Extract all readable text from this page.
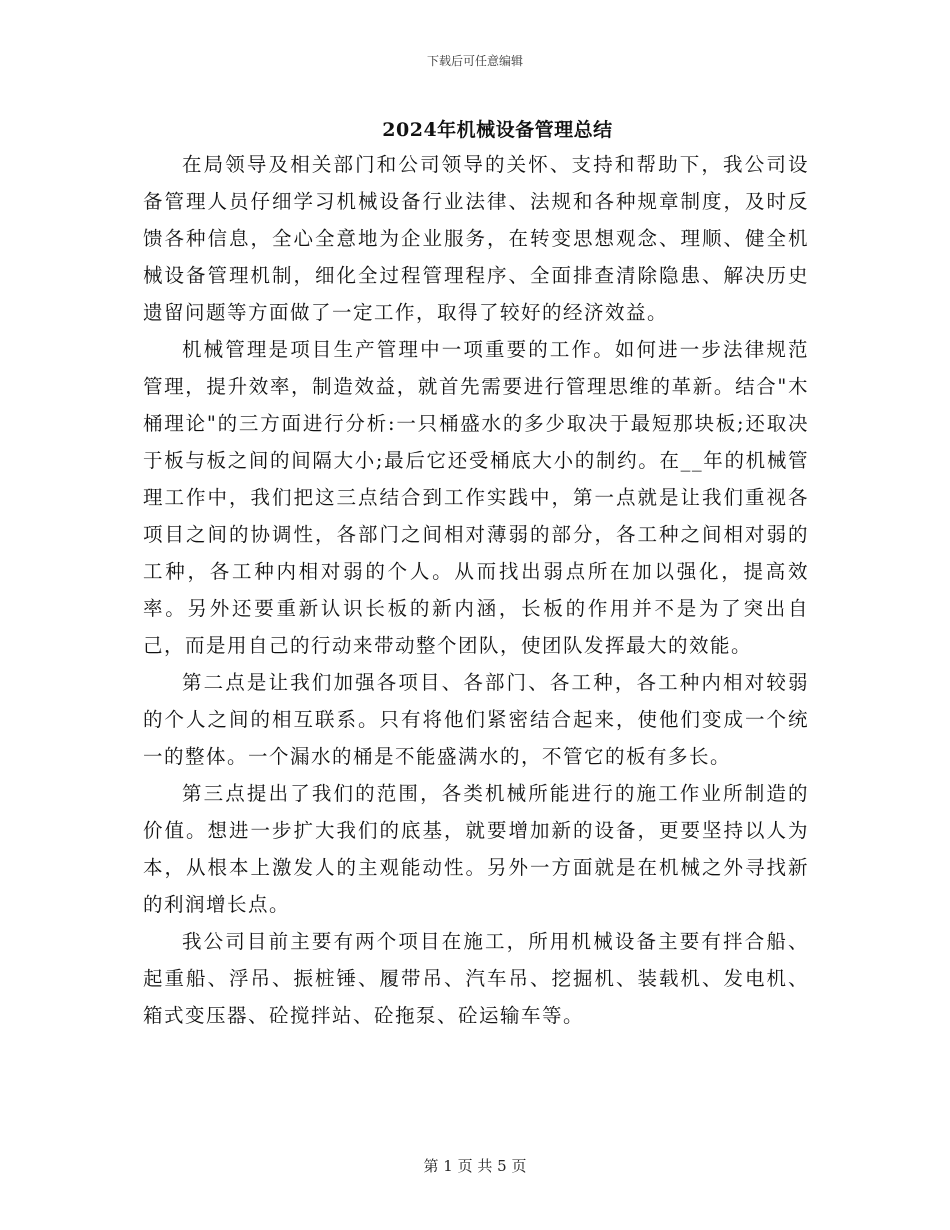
下载后可任意编辑
2024年机械设备管理总结

在局领导及相关部门和公司领导的关怀、支持和帮助下，我公司设备管理人员仔细学习机械设备行业法律、法规和各种规章制度，及时反馈各种信息，全心全意地为企业服务，在转变思想观念、理顺、健全机械设备管理机制，细化全过程管理程序、全面排查清除隐患、解决历史遗留问题等方面做了一定工作，取得了较好的经济效益。

机械管理是项目生产管理中一项重要的工作。如何进一步法律规范管理，提升效率，制造效益，就首先需要进行管理思维的革新。结合"木桶理论"的三方面进行分析:一只桶盛水的多少取决于最短那块板;还取决于板与板之间的间隔大小;最后它还受桶底大小的制约。在__年的机械管理工作中，我们把这三点结合到工作实践中，第一点就是让我们重视各项目之间的协调性，各部门之间相对薄弱的部分，各工种之间相对弱的工种，各工种内相对弱的个人。从而找出弱点所在加以强化，提高效率。另外还要重新认识长板的新内涵，长板的作用并不是为了突出自己，而是用自己的行动来带动整个团队，使团队发挥最大的效能。

第二点是让我们加强各项目、各部门、各工种，各工种内相对较弱的个人之间的相互联系。只有将他们紧密结合起来，使他们变成一个统一的整体。一个漏水的桶是不能盛满水的，不管它的板有多长。

第三点提出了我们的范围，各类机械所能进行的施工作业所制造的价值。想进一步扩大我们的底基，就要增加新的设备，更要坚持以人为本，从根本上激发人的主观能动性。另外一方面就是在机械之外寻找新的利润增长点。

我公司目前主要有两个项目在施工，所用机械设备主要有拌合船、起重船、浮吊、振桩锤、履带吊、汽车吊、挖掘机、装载机、发电机、箱式变压器、砼搅拌站、砼拖泵、砼运输车等。

第 1 页 共 5 页
